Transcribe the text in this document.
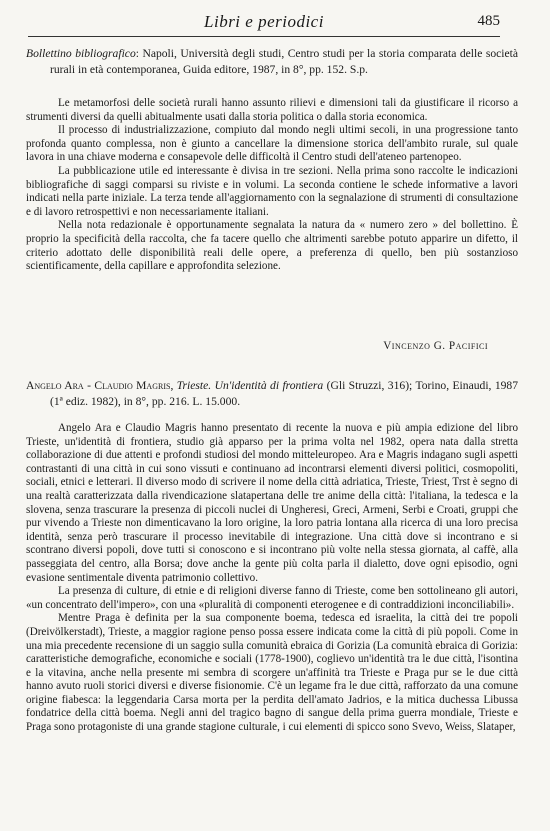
Libri e periodici	485
Bollettino bibliografico: Napoli, Università degli studi, Centro studi per la storia comparata delle società rurali in età contemporanea, Guida editore, 1987, in 8°, pp. 152. S.p.

Le metamorfosi delle società rurali hanno assunto rilievi e dimensioni tali da giustificare il ricorso a strumenti diversi da quelli abitualmente usati dalla storia politica o dalla storia economica.

Il processo di industrializzazione, compiuto dal mondo negli ultimi secoli, in una progressione tanto profonda quanto complessa, non è giunto a cancellare la dimensione storica dell'ambito rurale, sul quale lavora in una chiave moderna e consapevole delle difficoltà il Centro studi dell'ateneo partenopeo.

La pubblicazione utile ed interessante è divisa in tre sezioni. Nella prima sono raccolte le indicazioni bibliografiche di saggi comparsi su riviste e in volumi. La seconda contiene le schede informative a lavori indicati nella parte iniziale. La terza tende all'aggiornamento con la segnalazione di strumenti di consultazione e di lavoro retrospettivi e non necessariamente italiani.

Nella nota redazionale è opportunamente segnalata la natura da « numero zero » del bollettino. È proprio la specificità della raccolta, che fa tacere quello che altrimenti sarebbe potuto apparire un difetto, il criterio adottato delle disponibilità reali delle opere, a preferenza di quello, ben più sostanzioso scientificamente, della capillare e approfondita selezione.

Vincenzo G. Pacifici
Angelo Ara - Claudio Magris, Trieste. Un'identità di frontiera (Gli Struzzi, 316); Torino, Einaudi, 1987 (1ª ediz. 1982), in 8°, pp. 216. L. 15.000.

Angelo Ara e Claudio Magris hanno presentato di recente la nuova e più ampia edizione del libro Trieste, un'identità di frontiera, studio già apparso per la prima volta nel 1982, opera nata dalla stretta collaborazione di due attenti e profondi studiosi del mondo mitteleuropeo. Ara e Magris indagano sugli aspetti contrastanti di una città in cui sono vissuti e continuano ad incontrarsi elementi diversi politici, cosmopoliti, sociali, etnici e letterari. Il diverso modo di scrivere il nome della città adriatica, Trieste, Triest, Trst è segno di una realtà caratterizzata dalla rivendicazione slatapertana delle tre anime della città: l'italiana, la tedesca e la slovena, senza trascurare la presenza di piccoli nuclei di Ungheresi, Greci, Armeni, Serbi e Croati, gruppi che pur vivendo a Trieste non dimenticavano la loro origine, la loro patria lontana alla ricerca di una loro precisa identità, senza però trascurare il processo inevitabile di integrazione. Una città dove si incontrano e si scontrano diversi popoli, dove tutti si conoscono e si incontrano più volte nella stessa giornata, al caffè, alla passeggiata del centro, alla Borsa; dove anche la gente più colta parla il dialetto, dove ogni episodio, ogni evasione sentimentale diventa patrimonio collettivo.

La presenza di culture, di etnie e di religioni diverse fanno di Trieste, come ben sottolineano gli autori, «un concentrato dell'impero», con una «pluralità di componenti eterogenee e di contraddizioni inconciliabili».

Mentre Praga è definita per la sua componente boema, tedesca ed israelita, la città dei tre popoli (Dreivölkerstadt), Trieste, a maggior ragione penso possa essere indicata come la città di più popoli. Come in una mia precedente recensione di un saggio sulla comunità ebraica di Gorizia (La comunità ebraica di Gorizia: caratteristiche demografiche, economiche e sociali (1778-1900), coglievo un'identità tra le due città, l'isontina e la vitavina, anche nella presente mi sembra di scorgere un'affinità tra Trieste e Praga pur se le due città hanno avuto ruoli storici diversi e diverse fisionomie. C'è un legame fra le due città, rafforzato da una comune origine fiabesca: la leggendaria Carsa morta per la perdita dell'amato Jadrios, e la mitica duchessa Libussa fondatrice della città boema. Negli anni del tragico bagno di sangue della prima guerra mondiale, Trieste e Praga sono protagoniste di una grande stagione culturale, i cui elementi di spicco sono Svevo, Weiss, Slataper,
